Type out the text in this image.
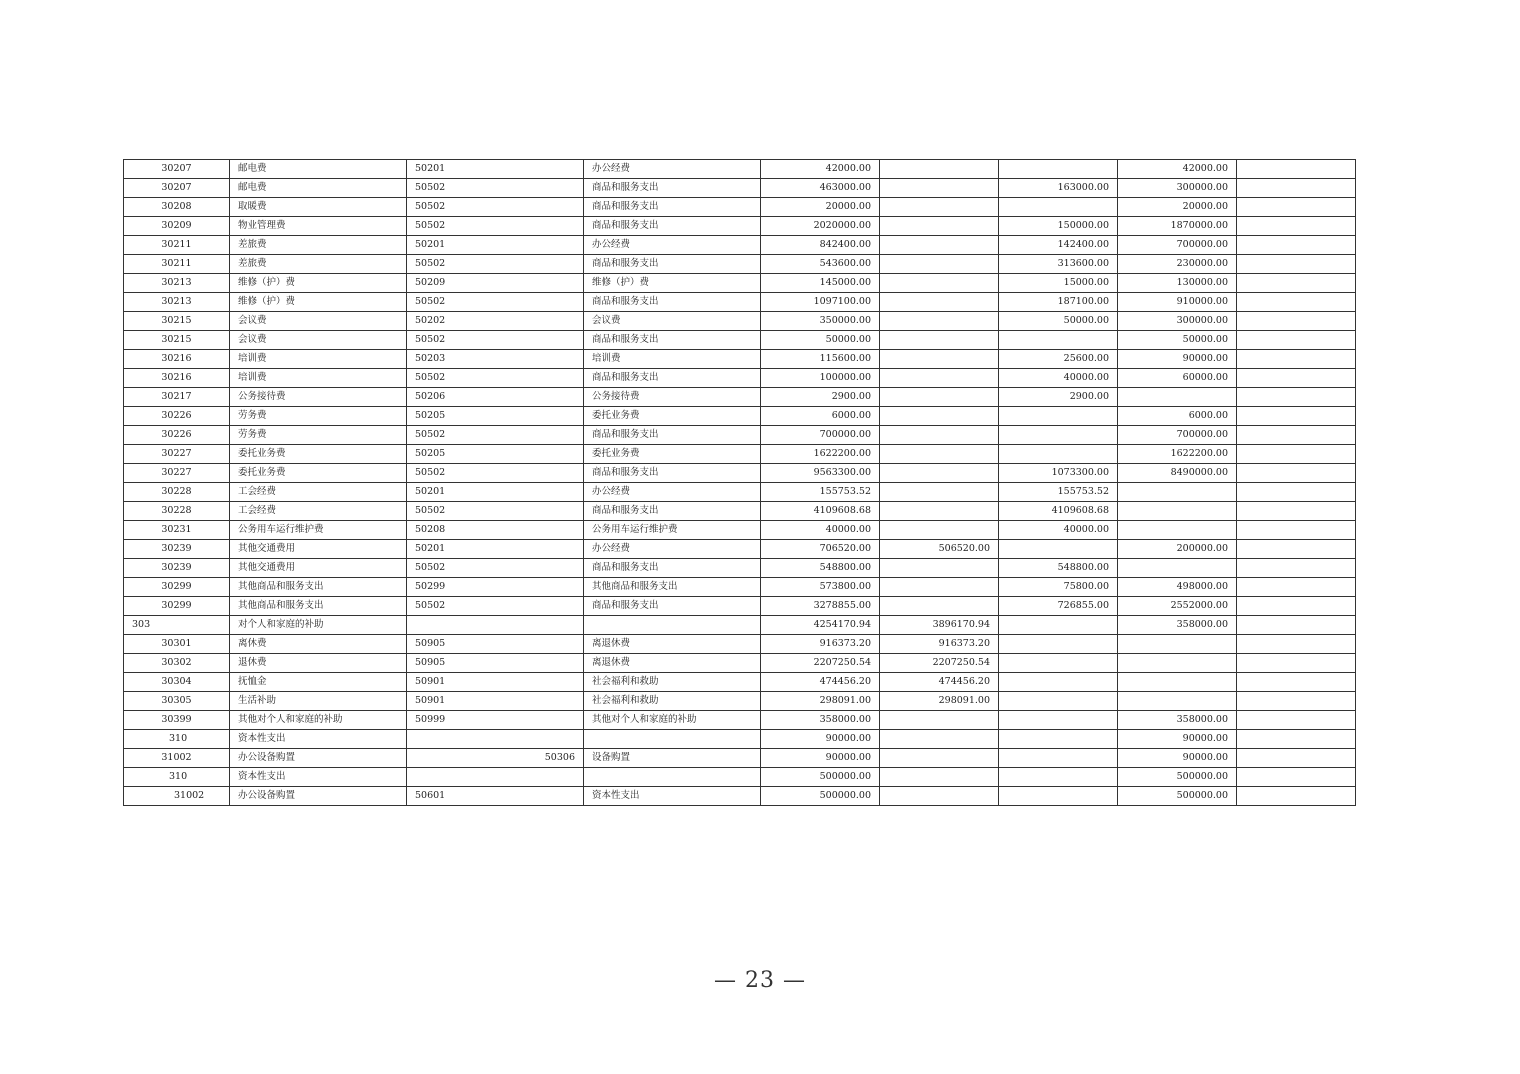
30207	邮电费	50201	办公经费	42000.00			42000.00	
30207	邮电费	50502	商品和服务支出	463000.00		163000.00	300000.00	
30208	取暖费	50502	商品和服务支出	20000.00			20000.00	
30209	物业管理费	50502	商品和服务支出	2020000.00		150000.00	1870000.00	
30211	差旅费	50201	办公经费	842400.00		142400.00	700000.00	
30211	差旅费	50502	商品和服务支出	543600.00		313600.00	230000.00	
30213	维修（护）费	50209	维修（护）费	145000.00		15000.00	130000.00	
30213	维修（护）费	50502	商品和服务支出	1097100.00		187100.00	910000.00	
30215	会议费	50202	会议费	350000.00		50000.00	300000.00	
30215	会议费	50502	商品和服务支出	50000.00			50000.00	
30216	培训费	50203	培训费	115600.00		25600.00	90000.00	
30216	培训费	50502	商品和服务支出	100000.00		40000.00	60000.00	
30217	公务接待费	50206	公务接待费	2900.00		2900.00		
30226	劳务费	50205	委托业务费	6000.00			6000.00	
30226	劳务费	50502	商品和服务支出	700000.00			700000.00	
30227	委托业务费	50205	委托业务费	1622200.00			1622200.00	
30227	委托业务费	50502	商品和服务支出	9563300.00		1073300.00	8490000.00	
30228	工会经费	50201	办公经费	155753.52		155753.52		
30228	工会经费	50502	商品和服务支出	4109608.68		4109608.68		
30231	公务用车运行维护费	50208	公务用车运行维护费	40000.00		40000.00		
30239	其他交通费用	50201	办公经费	706520.00	506520.00		200000.00	
30239	其他交通费用	50502	商品和服务支出	548800.00		548800.00		
30299	其他商品和服务支出	50299	其他商品和服务支出	573800.00		75800.00	498000.00	
30299	其他商品和服务支出	50502	商品和服务支出	3278855.00		726855.00	2552000.00	
303	对个人和家庭的补助			4254170.94	3896170.94		358000.00	
30301	离休费	50905	离退休费	916373.20	916373.20			
30302	退休费	50905	离退休费	2207250.54	2207250.54			
30304	抚恤金	50901	社会福利和救助	474456.20	474456.20			
30305	生活补助	50901	社会福利和救助	298091.00	298091.00			
30399	其他对个人和家庭的补助	50999	其他对个人和家庭的补助	358000.00			358000.00	
310	资本性支出			90000.00			90000.00	
31002	办公设备购置	50306	设备购置	90000.00			90000.00	
310	资本性支出			500000.00			500000.00	
31002	办公设备购置	50601	资本性支出	500000.00			500000.00	
— 23 —
